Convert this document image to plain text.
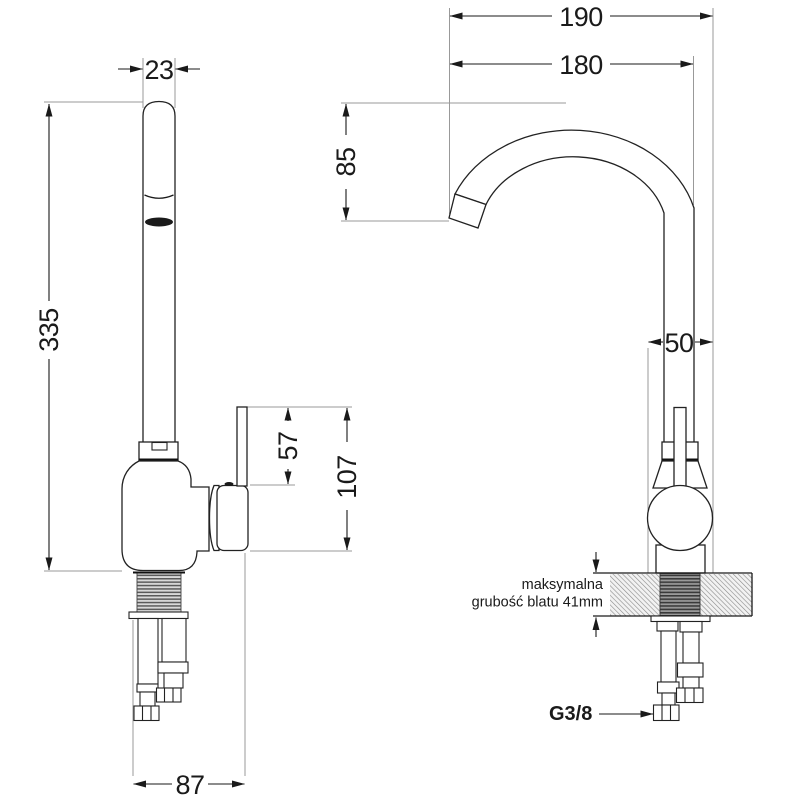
335
23
57
107
87
190
180
85
50
maksymalna
grubość blatu 41mm
G3/8
